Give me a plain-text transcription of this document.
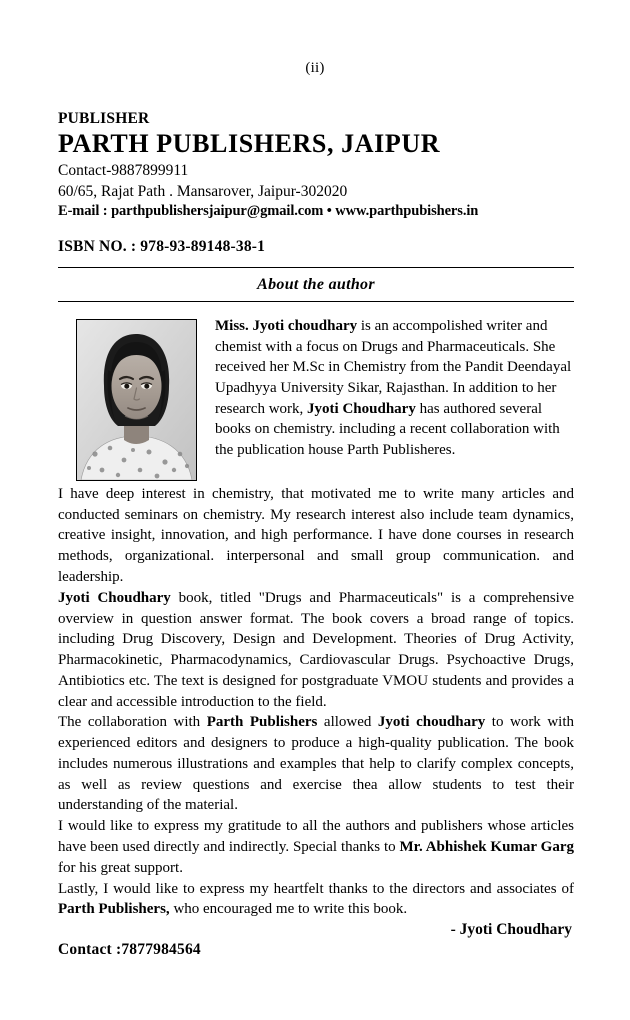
(ii)
PUBLISHER
PARTH PUBLISHERS, JAIPUR
Contact-9887899911
60/65, Rajat Path . Mansarover, Jaipur-302020
E-mail : parthpublishersjaipur@gmail.com • www.parthpubishers.in
ISBN NO. : 978-93-89148-38-1
About the author
Miss. Jyoti choudhary is an accompolished writer and chemist with a focus on Drugs and Pharmaceuticals. She received her M.Sc in Chemistry from the Pandit Deendayal Upadhyya University Sikar, Rajasthan. In addition to her research work, Jyoti Choudhary has authored several books on chemistry. including a recent collaboration with the publication house Parth Publisheres.
I have deep interest in chemistry, that motivated me to write many articles and conducted seminars on chemistry. My research interest also include team dynamics, creative insight, innovation, and high performance. I have done courses in research methods, organizational. interpersonal and small group communication. and leadership.
Jyoti Choudhary book, titled "Drugs and Pharmaceuticals" is a comprehensive overview in question answer format. The book covers a broad range of topics. including Drug Discovery, Design and Development. Theories of Drug Activity, Pharmacokinetic, Pharmacodynamics, Cardiovascular Drugs. Psychoactive Drugs, Antibiotics etc. The text is designed for postgraduate VMOU students and provides a clear and accessible introduction to the field.
The collaboration with Parth Publishers allowed Jyoti choudhary to work with experienced editors and designers to produce a high-quality publication. The book includes numerous illustrations and examples that help to clarify complex concepts, as well as review questions and exercise thea allow students to test their understanding of the material.
I would like to express my gratitude to all the authors and publishers whose articles have been used directly and indirectly. Special thanks to Mr. Abhishek Kumar Garg for his great support.
Lastly, I would like to express my heartfelt thanks to the directors and associates of Parth Publishers, who encouraged me to write this book.
- Jyoti Choudhary
Contact :7877984564
